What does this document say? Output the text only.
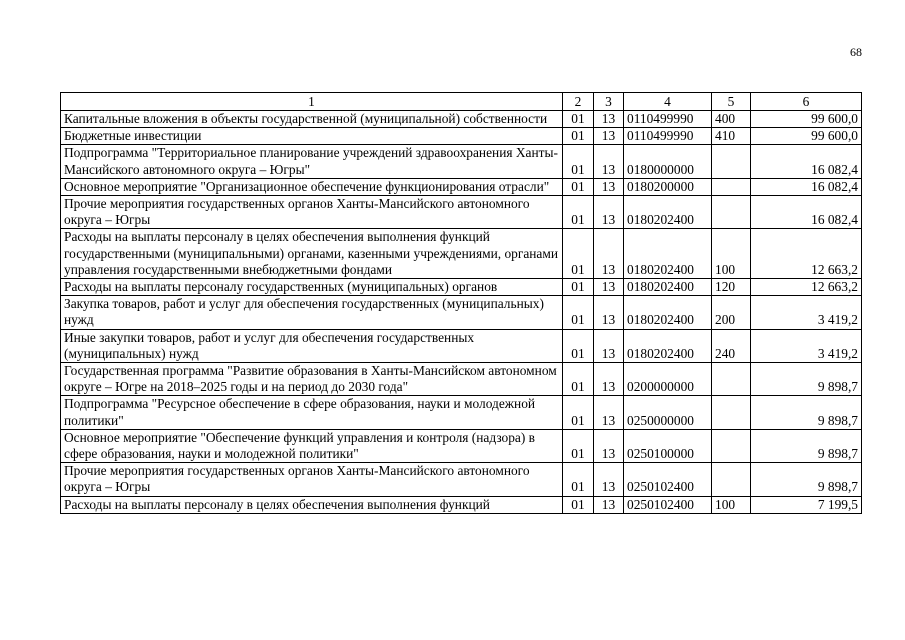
68
1	2	3	4	5	6
Капитальные вложения в объекты государственной (муниципальной) собственности	01	13	0110499990	400	99 600,0
Бюджетные инвестиции	01	13	0110499990	410	99 600,0
Подпрограмма "Территориальное планирование учреждений здравоохранения Ханты-Мансийского автономного округа – Югры"	01	13	0180000000		16 082,4
Основное мероприятие "Организационное обеспечение функционирования отрасли"	01	13	0180200000		16 082,4
Прочие мероприятия государственных органов Ханты-Мансийского автономного округа – Югры	01	13	0180202400		16 082,4
Расходы на выплаты персоналу в целях обеспечения выполнения функций государственными (муниципальными) органами, казенными учреждениями, органами управления государственными внебюджетными фондами	01	13	0180202400	100	12 663,2
Расходы на выплаты персоналу государственных (муниципальных) органов	01	13	0180202400	120	12 663,2
Закупка товаров, работ и услуг для обеспечения государственных (муниципальных) нужд	01	13	0180202400	200	3 419,2
Иные закупки товаров, работ и услуг для обеспечения государственных (муниципальных) нужд	01	13	0180202400	240	3 419,2
Государственная программа "Развитие образования в Ханты-Мансийском автономном округе – Югре на 2018–2025 годы и на период до 2030 года"	01	13	0200000000		9 898,7
Подпрограмма "Ресурсное обеспечение в сфере образования, науки и молодежной политики"	01	13	0250000000		9 898,7
Основное мероприятие "Обеспечение функций управления и контроля (надзора) в сфере образования, науки и молодежной политики"	01	13	0250100000		9 898,7
Прочие мероприятия государственных органов Ханты-Мансийского автономного округа – Югры	01	13	0250102400		9 898,7
Расходы на выплаты персоналу в целях обеспечения выполнения функций	01	13	0250102400	100	7 199,5
